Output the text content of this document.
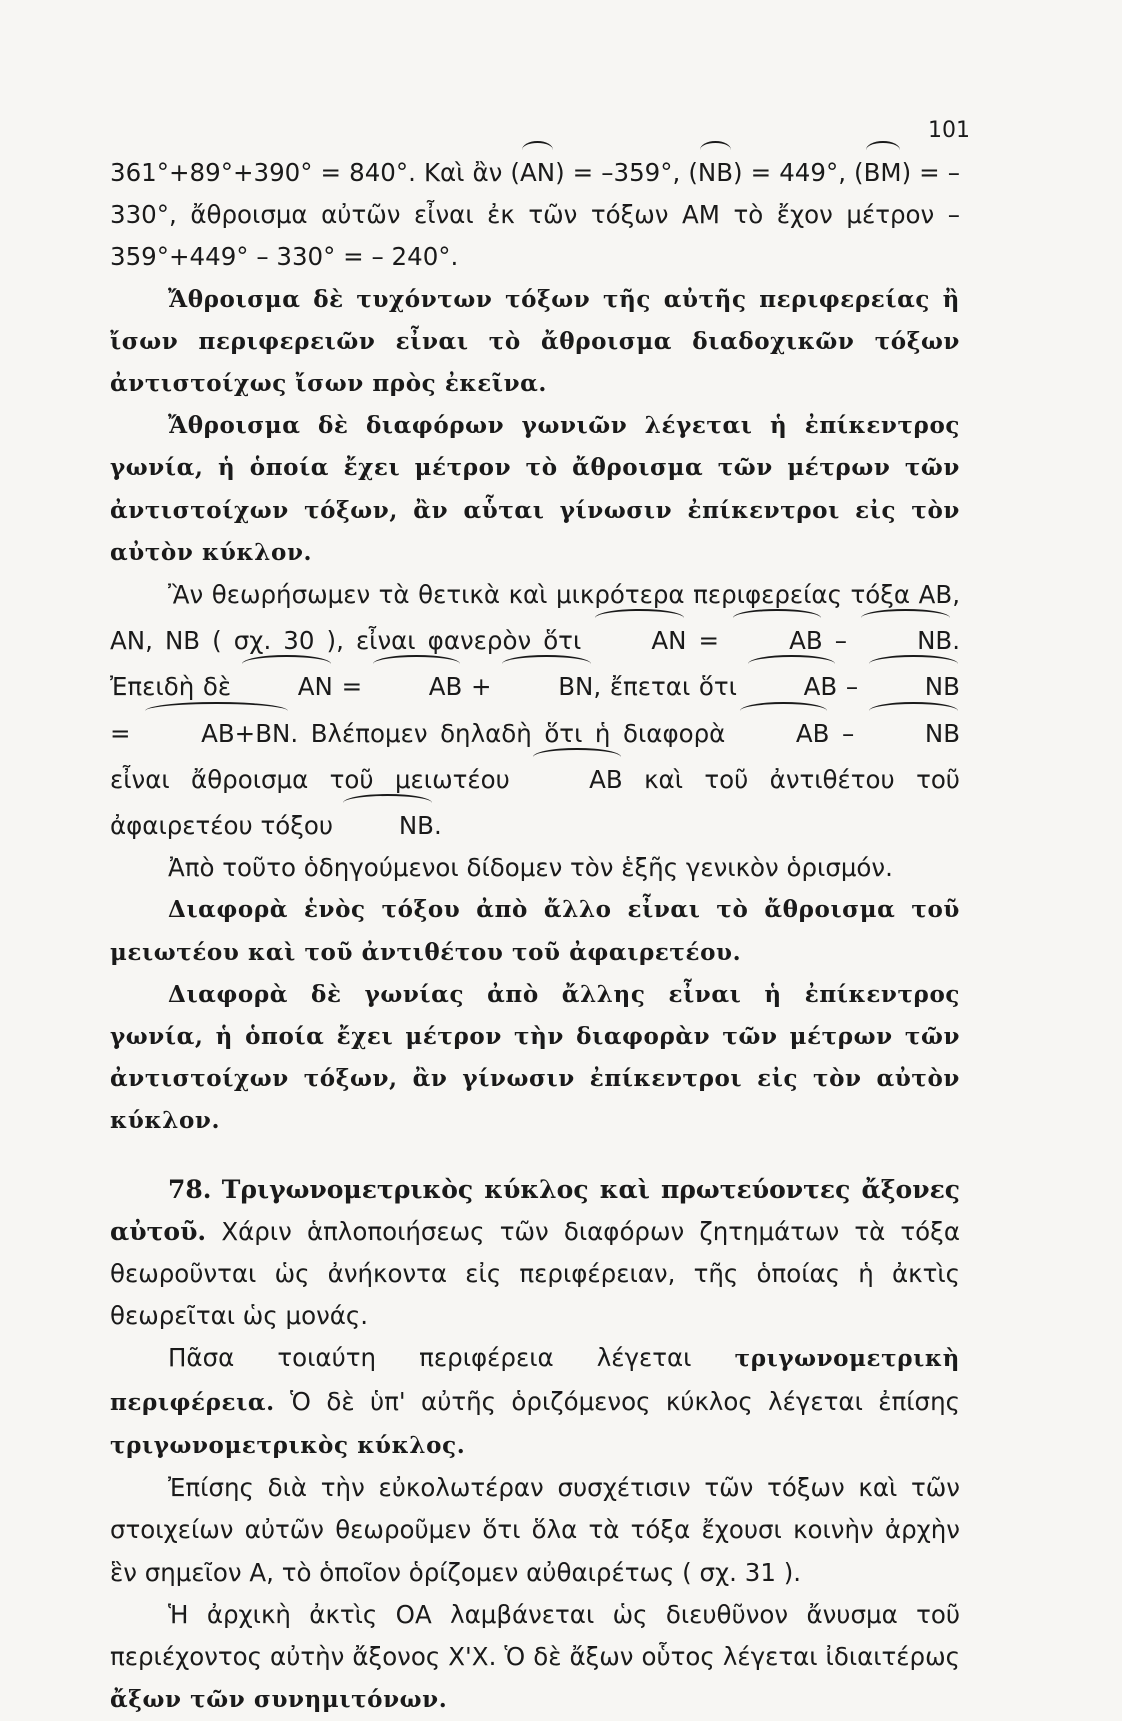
101

361°+89°+390° = 840°. Καὶ ἂν (AN) = –359°, (NB) = 449°, (BM) = – 330°, ἄθροισμα αὐτῶν εἶναι ἐκ τῶν τόξων ΑΜ τὸ ἔχον μέτρον – 359°+449° – 330° = – 240°.

Ἄθροισμα δὲ τυχόντων τόξων τῆς αὐτῆς περιφερείας ἢ ἴσων περιφερειῶν εἶναι τὸ ἄθροισμα διαδοχικῶν τόξων ἀντιστοίχως ἴσων πρὸς ἐκεῖνα.

Ἄθροισμα δὲ διαφόρων γωνιῶν λέγεται ἡ ἐπίκεντρος γωνία, ἡ ὁποία ἔχει μέτρον τὸ ἄθροισμα τῶν μέτρων τῶν ἀντιστοίχων τόξων, ἂν αὗται γίνωσιν ἐπίκεντροι εἰς τὸν αὐτὸν κύκλον.

Ἂν θεωρήσωμεν τὰ θετικὰ καὶ μικρότερα περιφερείας τόξα ΑΒ, ΑΝ, ΝΒ ( σχ. 30 ), εἶναι φανερὸν ὅτι	AN =	AB –	NB. Ἐπειδὴ δὲ	AN =	AB +	BN, ἔπεται ὅτι	AB –	NB =	AB+BN. Βλέπομεν δηλαδὴ ὅτι ἡ διαφορὰ	AB –	NB εἶναι ἄθροισμα τοῦ μειωτέου	AB καὶ τοῦ ἀντιθέτου τοῦ ἀφαιρετέου τόξου	NB.

Ἀπὸ τοῦτο ὁδηγούμενοι δίδομεν τὸν ἑξῆς γενικὸν ὁρισμόν.

Διαφορὰ ἑνὸς τόξου ἀπὸ ἄλλο εἶναι τὸ ἄθροισμα τοῦ μειωτέου καὶ τοῦ ἀντιθέτου τοῦ ἀφαιρετέου.

Διαφορὰ δὲ γωνίας ἀπὸ ἄλλης εἶναι ἡ ἐπίκεντρος γωνία, ἡ ὁποία ἔχει μέτρον τὴν διαφορὰν τῶν μέτρων τῶν ἀντιστοίχων τόξων, ἂν γίνωσιν ἐπίκεντροι εἰς τὸν αὐτὸν κύκλον.

78. Τριγωνομετρικὸς κύκλος καὶ πρωτεύοντες ἄξονες αὐτοῦ. Χάριν ἁπλοποιήσεως τῶν διαφόρων ζητημάτων τὰ τόξα θεωροῦνται ὡς ἀνήκοντα εἰς περιφέρειαν, τῆς ὁποίας ἡ ἀκτὶς θεωρεῖται ὡς μονάς.

Πᾶσα τοιαύτη περιφέρεια λέγεται τριγωνομετρικὴ περιφέρεια. Ὁ δὲ ὑπ' αὐτῆς ὁριζόμενος κύκλος λέγεται ἐπίσης τριγωνομετρικὸς κύκλος.

Ἐπίσης διὰ τὴν εὐκολωτέραν συσχέτισιν τῶν τόξων καὶ τῶν στοιχείων αὐτῶν θεωροῦμεν ὅτι ὅλα τὰ τόξα ἔχουσι κοινὴν ἀρχὴν ἓν σημεῖον Α, τὸ ὁποῖον ὁρίζομεν αὐθαιρέτως ( σχ. 31 ).

Ἡ ἀρχικὴ ἀκτὶς ΟΑ λαμβάνεται ὡς διευθῦνον ἄνυσμα τοῦ περιέχοντος αὐτὴν ἄξονος Χ'Χ. Ὁ δὲ ἄξων οὗτος λέγεται ἰδιαιτέρως ἄξων τῶν συνημιτόνων.
